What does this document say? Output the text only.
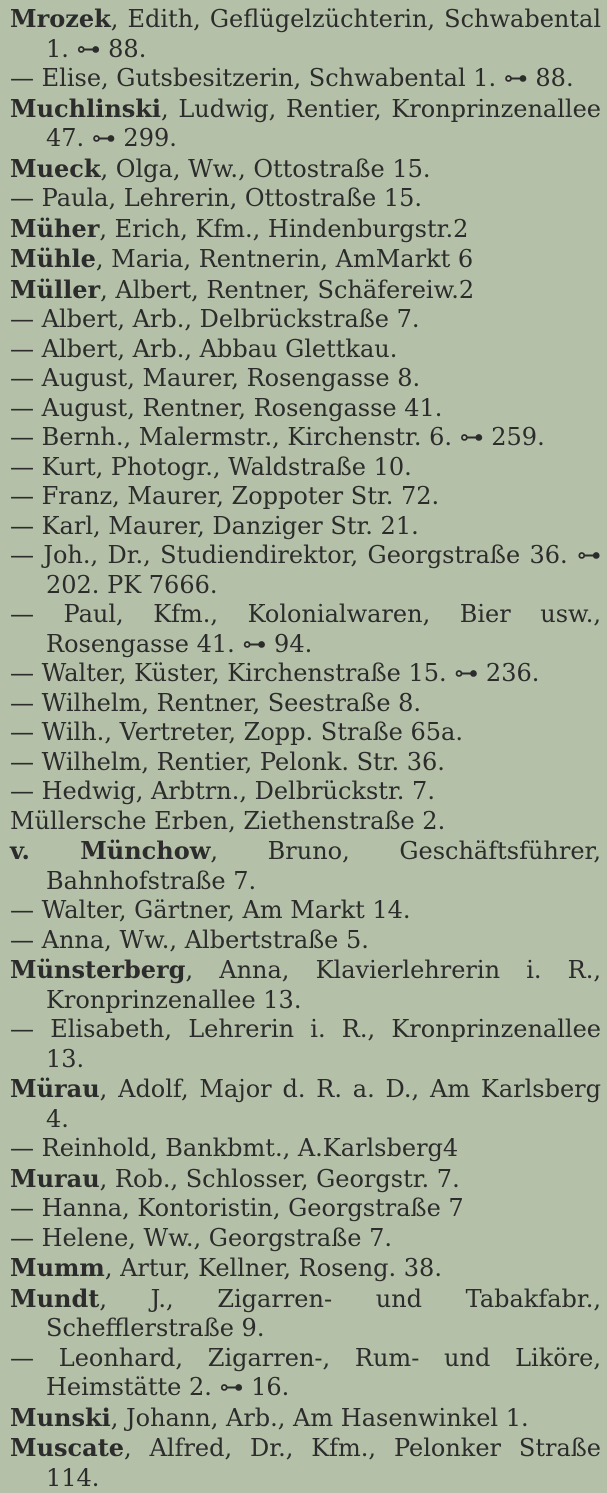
Mrozek, Edith, Geflügelzüchterin, Schwabental 1. ⊶ 88.
— Elise, Gutsbesitzerin, Schwabental 1. ⊶ 88.
Muchlinski, Ludwig, Rentier, Kronprinzenallee 47. ⊶ 299.
Mueck, Olga, Ww., Ottostraße 15.
— Paula, Lehrerin, Ottostraße 15.
Müher, Erich, Kfm., Hindenburgstr.2
Mühle, Maria, Rentnerin, AmMarkt 6
Müller, Albert, Rentner, Schäfereiw.2
— Albert, Arb., Delbrückstraße 7.
— Albert, Arb., Abbau Glettkau.
— August, Maurer, Rosengasse 8.
— August, Rentner, Rosengasse 41.
— Bernh., Malermstr., Kirchenstr. 6. ⊶ 259.
— Kurt, Photogr., Waldstraße 10.
— Franz, Maurer, Zoppoter Str. 72.
— Karl, Maurer, Danziger Str. 21.
— Joh., Dr., Studiendirektor, Georgstraße 36. ⊶ 202. PK 7666.
— Paul, Kfm., Kolonialwaren, Bier usw., Rosengasse 41. ⊶ 94.
— Walter, Küster, Kirchenstraße 15. ⊶ 236.
— Wilhelm, Rentner, Seestraße 8.
— Wilh., Vertreter, Zopp. Straße 65a.
— Wilhelm, Rentier, Pelonk. Str. 36.
— Hedwig, Arbtrn., Delbrückstr. 7.
Müllersche Erben, Ziethenstraße 2.
v. Münchow, Bruno, Geschäftsführer, Bahnhofstraße 7.
— Walter, Gärtner, Am Markt 14.
— Anna, Ww., Albertstraße 5.
Münsterberg, Anna, Klavierlehrerin i. R., Kronprinzenallee 13.
— Elisabeth, Lehrerin i. R., Kronprinzenallee 13.
Mürau, Adolf, Major d. R. a. D., Am Karlsberg 4.
— Reinhold, Bankbmt., A.Karlsberg4
Murau, Rob., Schlosser, Georgstr. 7.
— Hanna, Kontoristin, Georgstraße 7
— Helene, Ww., Georgstraße 7.
Mumm, Artur, Kellner, Roseng. 38.
Mundt, J., Zigarren- und Tabakfabr., Schefflerstraße 9.
— Leonhard, Zigarren-, Rum- und Liköre, Heimstätte 2. ⊶ 16.
Munski, Johann, Arb., Am Hasenwinkel 1.
Muscate, Alfred, Dr., Kfm., Pelonker Straße 114.
